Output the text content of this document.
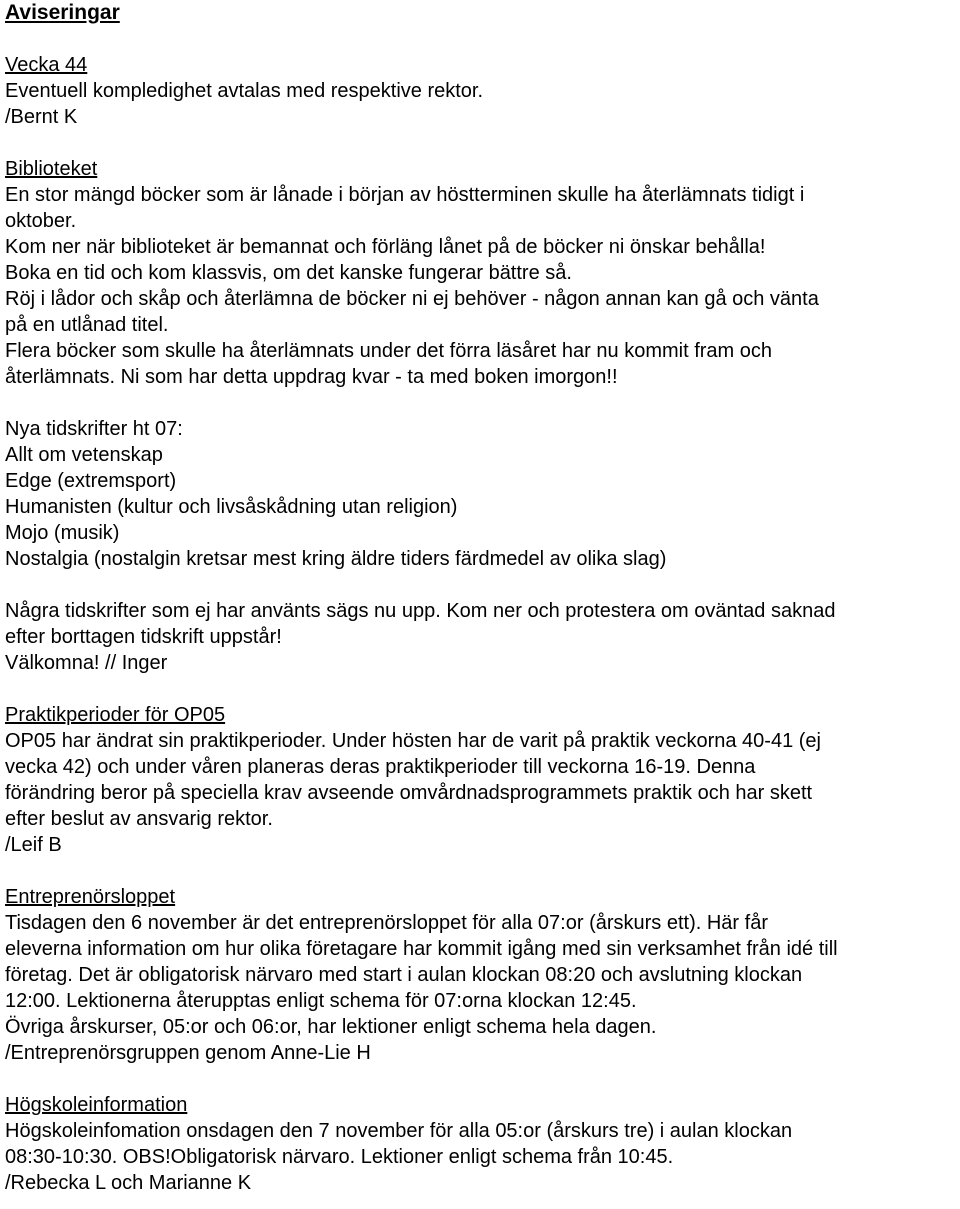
Aviseringar
Vecka 44
Eventuell kompledighet avtalas med respektive rektor.
/Bernt K
Biblioteket
En stor mängd böcker som är lånade i början av höstterminen skulle ha återlämnats tidigt i
oktober.
Kom ner när biblioteket är bemannat och förläng lånet på de böcker ni önskar behålla!
Boka en tid och kom klassvis, om det kanske fungerar bättre så.
Röj i lådor och skåp och återlämna de böcker ni ej behöver - någon annan kan gå och vänta
på en utlånad titel.
Flera böcker som skulle ha återlämnats under det förra läsåret har nu kommit fram och
återlämnats. Ni som har detta uppdrag kvar - ta med boken imorgon!!
Nya tidskrifter ht 07:
Allt om vetenskap
Edge (extremsport)
Humanisten (kultur och livsåskådning utan religion)
Mojo (musik)
Nostalgia (nostalgin kretsar mest kring äldre tiders färdmedel av olika slag)
Några tidskrifter som ej har använts sägs nu upp. Kom ner och protestera om oväntad saknad
efter borttagen tidskrift uppstår!
Välkomna! // Inger
Praktikperioder för OP05
OP05 har ändrat sin praktikperioder. Under hösten har de varit på praktik veckorna 40-41 (ej
vecka 42) och under våren planeras deras praktikperioder till veckorna 16-19. Denna
förändring beror på speciella krav avseende omvårdnadsprogrammets praktik och har skett
efter beslut av ansvarig rektor.
/Leif B
Entreprenörsloppet
Tisdagen den 6 november är det entreprenörsloppet för alla 07:or (årskurs ett). Här får
eleverna information om hur olika företagare har kommit igång med sin verksamhet från idé till
företag. Det är obligatorisk närvaro med start i aulan klockan 08:20 och avslutning klockan
12:00. Lektionerna återupptas enligt schema för 07:orna klockan 12:45.
Övriga årskurser, 05:or och 06:or, har lektioner enligt schema hela dagen.
/Entreprenörsgruppen genom Anne-Lie H
Högskoleinformation
Högskoleinfomation onsdagen den 7 november för alla 05:or (årskurs tre) i aulan klockan
08:30-10:30. OBS!Obligatorisk närvaro. Lektioner enligt schema från 10:45.
/Rebecka L och Marianne K
